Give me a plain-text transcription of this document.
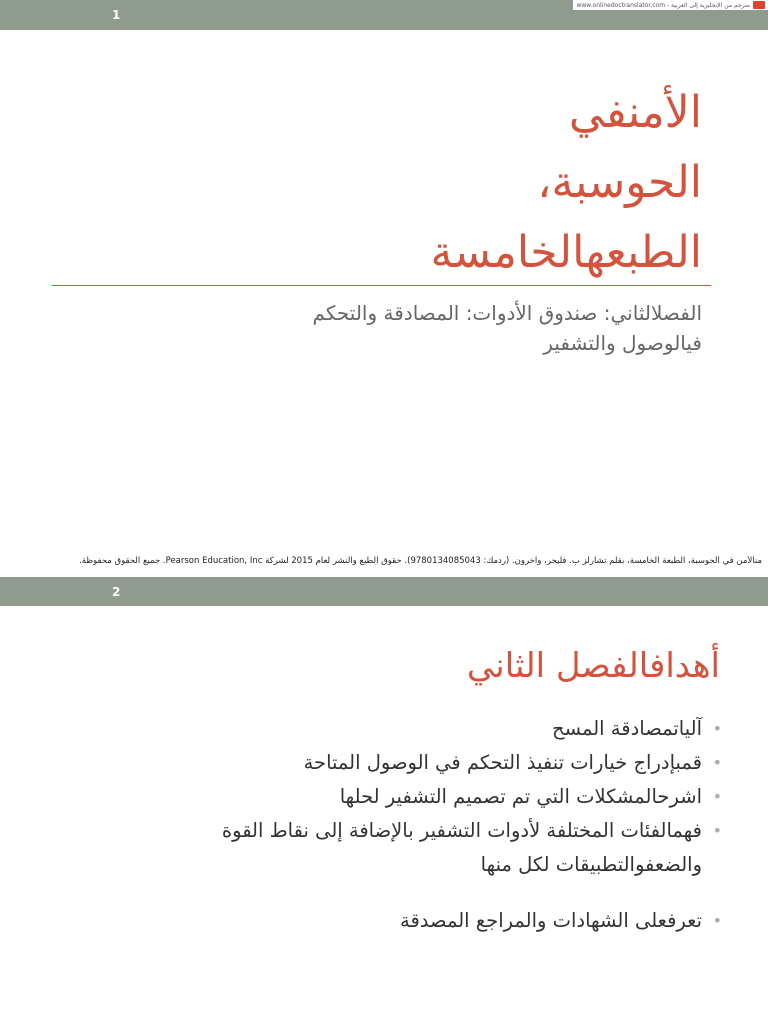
1
www.onlinedoctranslator.com - مترجم من الإنجليزية إلى العربية
الأمنفي
الحوسبة،
الطبعهالخامسة
الفصلالثاني: صندوق الأدوات: المصادقة والتحكم
فيالوصول والتشفير
منالأمن في الحوسبة، الطبعة الخامسة، بقلم تشارلز ب. فليجر، وآخرون. (ردمك: 9780134085043). حقوق الطبع والنشر لعام 2015 لشركة Pearson Education, Inc. جميع الحقوق محفوظة.
2
أهدافالفصل الثاني
•
آلياتمصادقة المسح
•
قمبإدراج خيارات تنفيذ التحكم في الوصول المتاحة
•
اشرحالمشكلات التي تم تصميم التشفير لحلها
•
فهمالفئات المختلفة لأدوات التشفير بالإضافة إلى نقاط القوة والضعفوالتطبيقات لكل منها
•
تعرفعلى الشهادات والمراجع المصدقة
